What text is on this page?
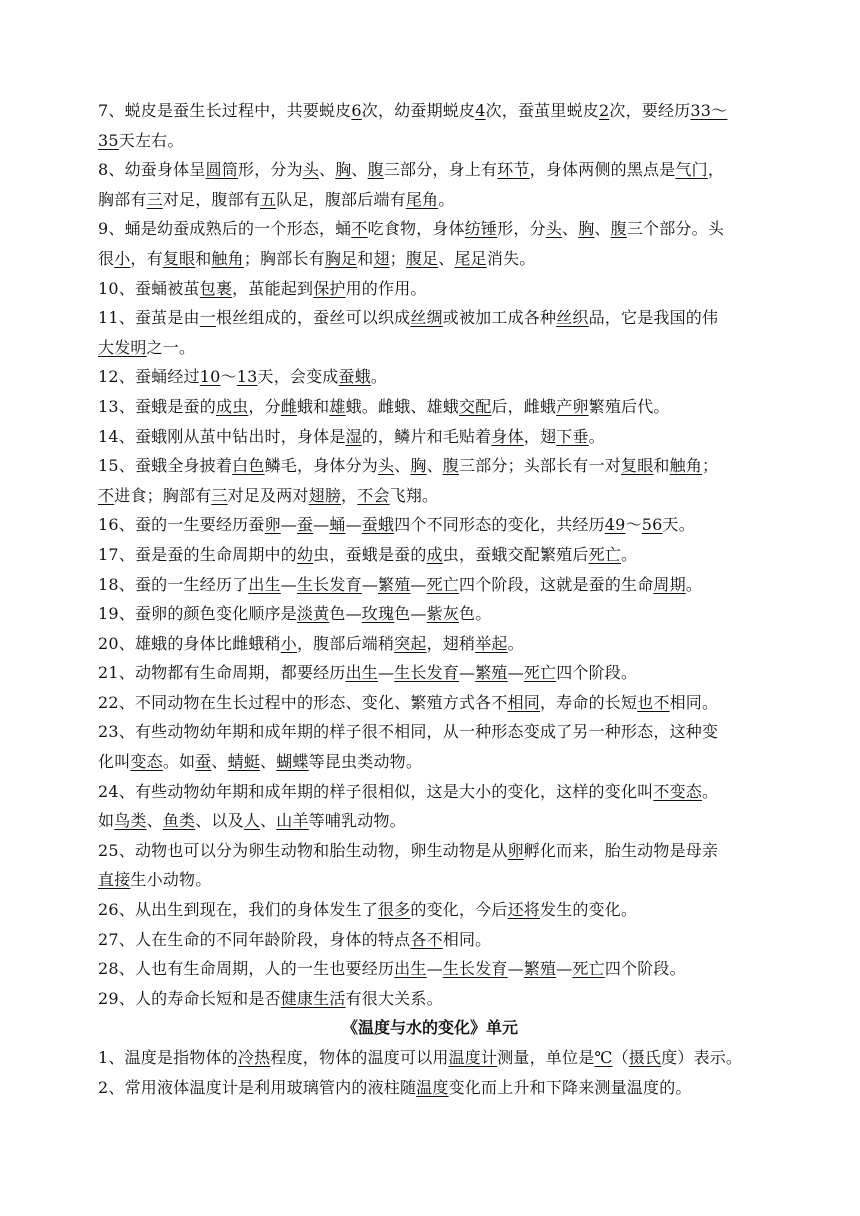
7、蜕皮是蚕生长过程中，共要蜕皮6次，幼蚕期蜕皮4次，蚕茧里蜕皮2次，要经历33～
35天左右。
8、幼蚕身体呈圆筒形，分为头、胸、腹三部分，身上有环节，身体两侧的黑点是气门，
胸部有三对足，腹部有五队足，腹部后端有尾角。
9、蛹是幼蚕成熟后的一个形态，蛹不吃食物，身体纺锤形，分头、胸、腹三个部分。头
很小，有复眼和触角；胸部长有胸足和翅；腹足、尾足消失。
10、蚕蛹被茧包裹，茧能起到保护用的作用。
11、蚕茧是由一根丝组成的，蚕丝可以织成丝绸或被加工成各种丝织品，它是我国的伟
大发明之一。
12、蚕蛹经过10～13天，会变成蚕蛾。
13、蚕蛾是蚕的成虫，分雌蛾和雄蛾。雌蛾、雄蛾交配后，雌蛾产卵繁殖后代。
14、蚕蛾刚从茧中钻出时，身体是湿的，鳞片和毛贴着身体，翅下垂。
15、蚕蛾全身披着白色鳞毛，身体分为头、胸、腹三部分；头部长有一对复眼和触角；
不进食；胸部有三对足及两对翅膀，不会飞翔。
16、蚕的一生要经历蚕卵—蚕—蛹—蚕蛾四个不同形态的变化，共经历49～56天。
17、蚕是蚕的生命周期中的幼虫，蚕蛾是蚕的成虫，蚕蛾交配繁殖后死亡。
18、蚕的一生经历了出生—生长发育—繁殖—死亡四个阶段，这就是蚕的生命周期。
19、蚕卵的颜色变化顺序是淡黄色—玫瑰色—紫灰色。
20、雄蛾的身体比雌蛾稍小，腹部后端稍突起，翅稍举起。
21、动物都有生命周期，都要经历出生—生长发育—繁殖—死亡四个阶段。
22、不同动物在生长过程中的形态、变化、繁殖方式各不相同，寿命的长短也不相同。
23、有些动物幼年期和成年期的样子很不相同，从一种形态变成了另一种形态，这种变
化叫变态。如蚕、蜻蜓、蝴蝶等昆虫类动物。
24、有些动物幼年期和成年期的样子很相似，这是大小的变化，这样的变化叫不变态。
如鸟类、鱼类、以及人、山羊等哺乳动物。
25、动物也可以分为卵生动物和胎生动物，卵生动物是从卵孵化而来，胎生动物是母亲
直接生小动物。
26、从出生到现在，我们的身体发生了很多的变化，今后还将发生的变化。
27、人在生命的不同年龄阶段，身体的特点各不相同。
28、人也有生命周期，人的一生也要经历出生—生长发育—繁殖—死亡四个阶段。
29、人的寿命长短和是否健康生活有很大关系。
《温度与水的变化》单元
1、温度是指物体的冷热程度，物体的温度可以用温度计测量，单位是℃（摄氏度）表示。
2、常用液体温度计是利用玻璃管内的液柱随温度变化而上升和下降来测量温度的。
